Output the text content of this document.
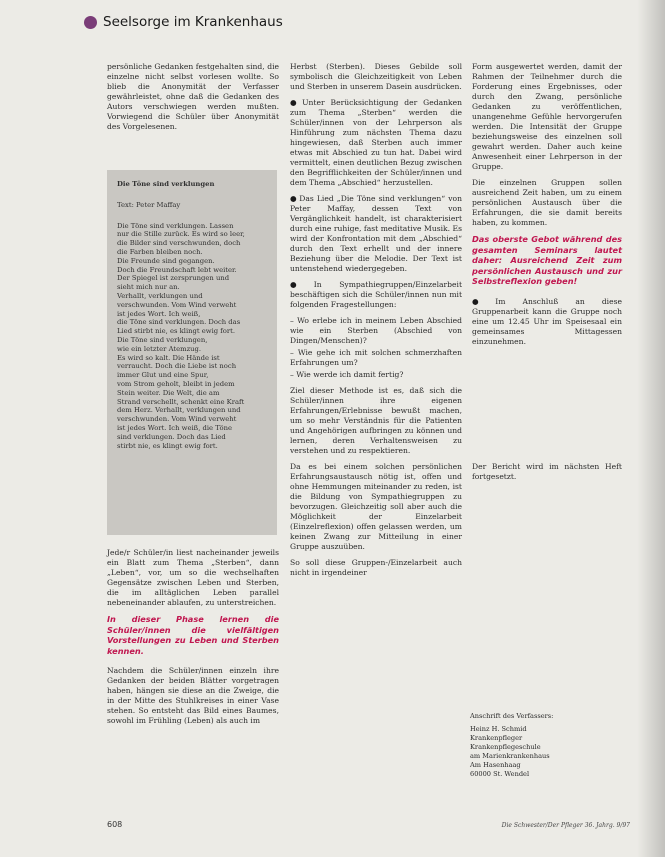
Seelsorge im Krankenhaus

persönliche Gedanken festgehalten sind, die einzelne nicht selbst vorlesen wollte. So blieb die Anonymität der Verfasser gewährleistet, ohne daß die Gedanken des Autors verschwiegen werden mußten. Vorwiegend die Schüler über Anonymität des Vorgelesenen.

Die Töne sind verklungen
Text: Peter Maffay
Die Töne sind verklungen. Lassen
nur die Stille zurück. Es wird so leer,
die Bilder sind verschwunden, doch
die Farben bleiben noch.
Die Freunde sind gegangen.
Doch die Freundschaft lebt weiter.
Der Spiegel ist zersprungen und
sieht mich nur an.
Verhallt, verklungen und
verschwunden. Vom Wind verweht
ist jedes Wort. Ich weiß,
die Töne sind verklungen. Doch das
Lied stirbt nie, es klingt ewig fort.
Die Töne sind verklungen,
wie ein letzter Atemzug.
Es wird so kalt. Die Hände ist
verraucht. Doch die Liebe ist noch
immer Glut und eine Spur,
vom Strom geholt, bleibt in jedem
Stein weiter. Die Welt, die am
Strand verschellt, schenkt eine Kraft
dem Herz. Verhallt, verklungen und
verschwunden. Vom Wind verweht
ist jedes Wort. Ich weiß, die Töne
sind verklungen. Doch das Lied
stirbt nie, es klingt ewig fort.

Jede/r Schüler/in liest nacheinander jeweils ein Blatt zum Thema „Sterben“, dann „Leben“, vor, um so die wechselhaften Gegensätze zwischen Leben und Sterben, die im alltäglichen Leben parallel nebeneinander ablaufen, zu unterstreichen.

In dieser Phase lernen die Schüler/innen die vielfältigen Vorstellungen zu Leben und Sterben kennen.

Nachdem die Schüler/innen einzeln ihre Gedanken der beiden Blätter vorgetragen haben, hängen sie diese an die Zweige, die in der Mitte des Stuhlkreises in einer Vase stehen. So entsteht das Bild eines Baumes, sowohl im Frühling (Leben) als auch im

Herbst (Sterben). Dieses Gebilde soll symbolisch die Gleichzeitigkeit von Leben und Sterben in unserem Dasein ausdrücken.

● Unter Berücksichtigung der Gedanken zum Thema „Sterben“ werden die Schüler/innen von der Lehrperson als Hinführung zum nächsten Thema dazu hingewiesen, daß Sterben auch immer etwas mit Abschied zu tun hat. Dabei wird vermittelt, einen deutlichen Bezug zwischen den Begrifflichkeiten der Schüler/innen und dem Thema „Abschied“ herzustellen.

● Das Lied „Die Töne sind verklungen“ von Peter Maffay, dessen Text von Vergänglichkeit handelt, ist charakterisiert durch eine ruhige, fast meditative Musik. Es wird der Konfrontation mit dem „Abschied“ durch den Text erhellt und der innere Beziehung über die Melodie. Der Text ist untenstehend wiedergegeben.

● In Sympathiegruppen/Einzelarbeit beschäftigen sich die Schüler/innen nun mit folgenden Fragestellungen:

– Wo erlebe ich in meinem Leben Abschied wie ein Sterben (Abschied von Dingen/Menschen)?
– Wie gehe ich mit solchen schmerzhaften Erfahrungen um?
– Wie werde ich damit fertig?

Ziel dieser Methode ist es, daß sich die Schüler/innen ihre eigenen Erfahrungen/Erlebnisse bewußt machen, um so mehr Verständnis für die Patienten und Angehörigen aufbringen zu können und lernen, deren Verhaltensweisen zu verstehen und zu respektieren.

Da es bei einem solchen persönlichen Erfahrungsaustausch nötig ist, offen und ohne Hemmungen miteinander zu reden, ist die Bildung von Sympathiegruppen zu bevorzugen. Gleichzeitig soll aber auch die Möglichkeit der Einzelarbeit (Einzelreflexion) offen gelassen werden, um keinen Zwang zur Mitteilung in einer Gruppe auszuüben.

So soll diese Gruppen-/Einzelarbeit auch nicht in irgendeiner

Form ausgewertet werden, damit der Rahmen der Teilnehmer durch die Forderung eines Ergebnisses, oder durch den Zwang, persönliche Gedanken zu veröffentlichen, unangenehme Gefühle hervorgerufen werden. Die Intensität der Gruppe beziehungsweise des einzelnen soll gewahrt werden. Daher auch keine Anwesenheit einer Lehrperson in der Gruppe.

Die einzelnen Gruppen sollen ausreichend Zeit haben, um zu einem persönlichen Austausch über die Erfahrungen, die sie damit bereits haben, zu kommen.

Das oberste Gebot während des gesamten Seminars lautet daher: Ausreichend Zeit zum persönlichen Austausch und zur Selbstreflexion geben!

● Im Anschluß an diese Gruppenarbeit kann die Gruppe noch eine um 12.45 Uhr im Speisesaal ein gemeinsames Mittagessen einzunehmen.

Der Bericht wird im nächsten Heft fortgesetzt.

Anschrift des Verfassers:
Heinz H. Schmid
Krankenpfleger
Krankenpflegeschule
am Marienkrankenhaus
Am Hasenhaag
60000 St. Wendel
608	Die Schwester/Der Pfleger 36. Jahrg. 9/97
